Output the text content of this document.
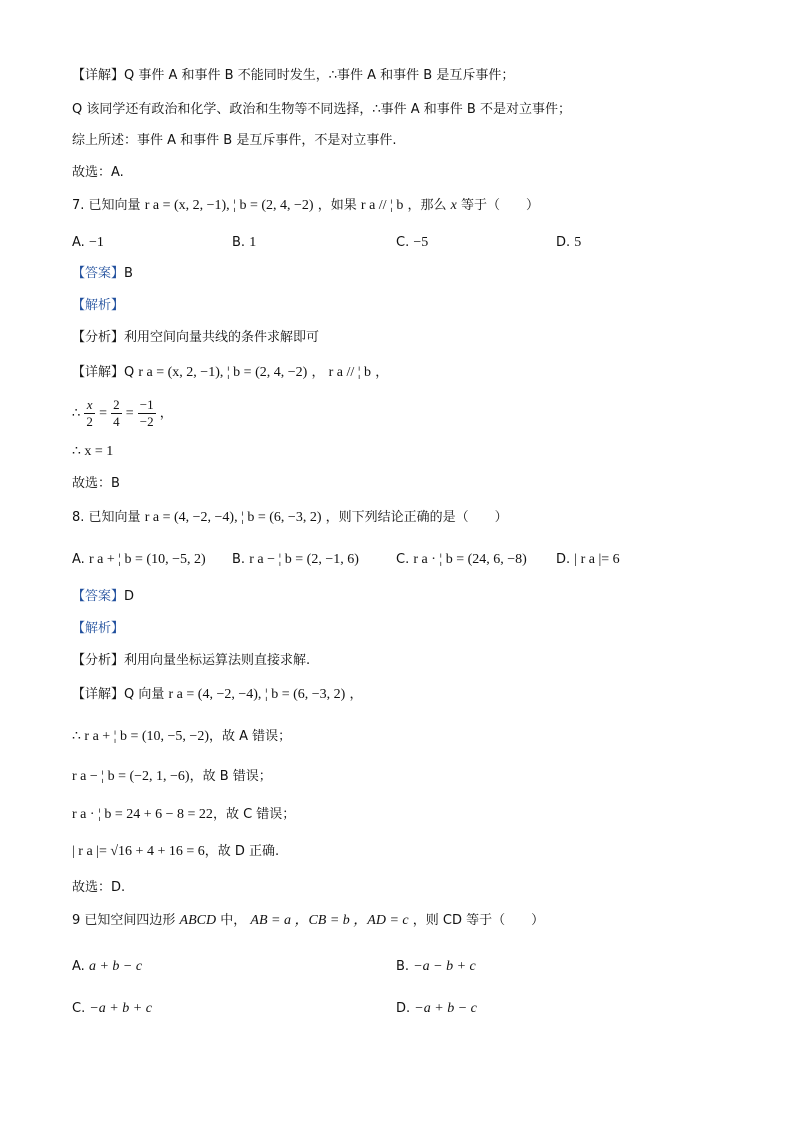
【详解】Q 事件 A 和事件 B 不能同时发生，∴事件 A 和事件 B 是互斥事件；
Q 该同学还有政治和化学、政治和生物等不同选择，∴事件 A 和事件 B 不是对立事件；
综上所述：事件 A 和事件 B 是互斥事件，不是对立事件.
故选：A.
7. 已知向量 r a = (x, 2, −1), ¦ b = (2, 4, −2) ，如果 r a // ¦ b ，那么 x 等于（　　）
A. −1	B. 1	C. −5	D. 5
【答案】B
【解析】
【分析】利用空间向量共线的条件求解即可
【详解】Q r a = (x, 2, −1), ¦ b = (2, 4, −2) ， r a // ¦ b ，
∴ $\frac{x}{2} = \frac{2}{4} = \frac{-1}{-2}$ ，
∴ x = 1
故选：B
8. 已知向量 r a = (4, −2, −4), ¦ b = (6, −3, 2) ，则下列结论正确的是（　　）
A. r a + ¦ b = (10, −5, 2) B. r a − ¦ b = (2, −1, 6)	C. r a · ¦ b = (24, 6, −8) D. | r a |= 6
【答案】D
【解析】
【分析】利用向量坐标运算法则直接求解.
【详解】Q 向量 r a = (4, −2, −4), ¦ b = (6, −3, 2) ，
∴ r a + ¦ b = (10, −5, −2)，故 A 错误；
r a − ¦ b = (−2, 1, −6)，故 B 错误；
r a · ¦ b = 24 + 6 − 8 = 22，故 C 错误；
| r a |= √16 + 4 + 16 = 6，故 D 正确.
故选：D.
9 已知空间四边形 ABCD 中， AB = a ，CB = b ，AD = c ，则 CD 等于（　　）
A. a + b − c	B. −a − b + c
C. −a + b + c	D. −a + b − c
